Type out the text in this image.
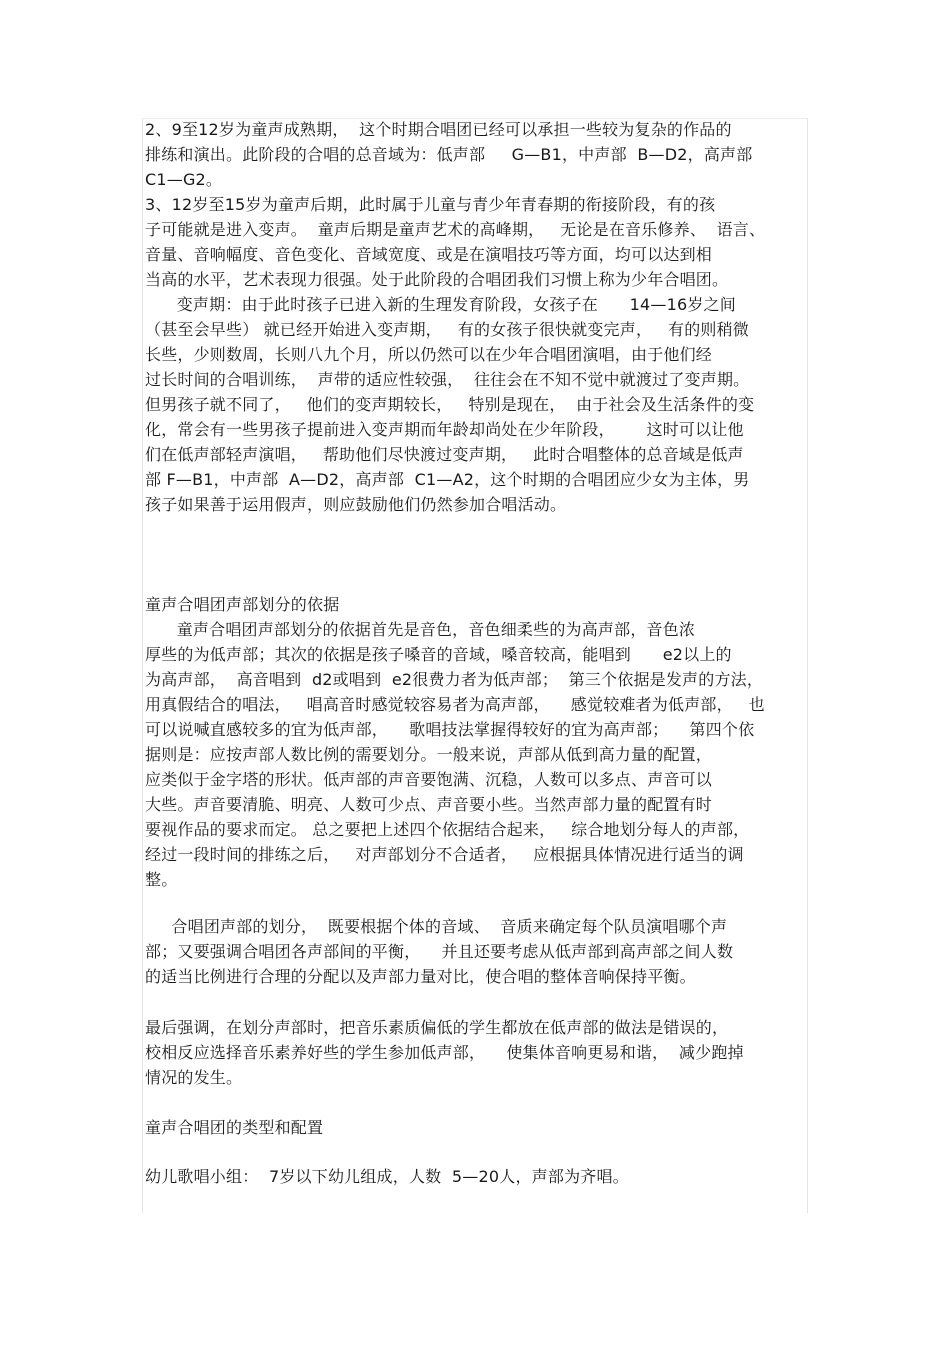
2、9至12岁为童声成熟期，  这个时期合唱团已经可以承担一些较为复杂的作品的
排练和演出。此阶段的合唱的总音域为：低声部     G—B1，中声部  B—D2，高声部
C1—G2。
3、12岁至15岁为童声后期，此时属于儿童与青少年青春期的衔接阶段，有的孩
子可能就是进入变声。  童声后期是童声艺术的高峰期，   无论是在音乐修养、  语言、
音量、音响幅度、音色变化、音域宽度、或是在演唱技巧等方面，均可以达到相
当高的水平，艺术表现力很强。处于此阶段的合唱团我们习惯上称为少年合唱团。
变声期：由于此时孩子已进入新的生理发育阶段，女孩子在      14—16岁之间
（甚至会早些） 就已经开始进入变声期，   有的女孩子很快就变完声，   有的则稍微
长些，少则数周，长则八九个月，所以仍然可以在少年合唱团演唱，由于他们经
过长时间的合唱训练，  声带的适应性较强，  往往会在不知不觉中就渡过了变声期。
但男孩子就不同了，   他们的变声期较长，   特别是现在，  由于社会及生活条件的变
化，常会有一些男孩子提前进入变声期而年龄却尚处在少年阶段，      这时可以让他
们在低声部轻声演唱，   帮助他们尽快渡过变声期，   此时合唱整体的总音域是低声
部 F—B1，中声部  A—D2，高声部  C1—A2，这个时期的合唱团应少女为主体，男
孩子如果善于运用假声，则应鼓励他们仍然参加合唱活动。
童声合唱团声部划分的依据
童声合唱团声部划分的依据首先是音色，音色细柔些的为高声部，音色浓
厚些的为低声部；其次的依据是孩子嗓音的音域，嗓音较高，能唱到      e2以上的
为高声部，  高音唱到  d2或唱到  e2很费力者为低声部；  第三个依据是发声的方法，
用真假结合的唱法，   唱高音时感觉较容易者为高声部，    感觉较难者为低声部，   也
可以说喊直感较多的宜为低声部，    歌唱技法掌握得较好的宜为高声部；    第四个依
据则是：应按声部人数比例的需要划分。一般来说，声部从低到高力量的配置，
应类似于金字塔的形状。低声部的声音要饱满、沉稳，人数可以多点、声音可以
大些。声音要清脆、明亮、人数可少点、声音要小些。当然声部力量的配置有时
要视作品的要求而定。 总之要把上述四个依据结合起来，   综合地划分每人的声部，
经过一段时间的排练之后，   对声部划分不合适者，   应根据具体情况进行适当的调
整。
合唱团声部的划分，  既要根据个体的音域、  音质来确定每个队员演唱哪个声
部；又要强调合唱团各声部间的平衡，    并且还要考虑从低声部到高声部之间人数
的适当比例进行合理的分配以及声部力量对比，使合唱的整体音响保持平衡。
最后强调，在划分声部时，把音乐素质偏低的学生都放在低声部的做法是错误的，
校相反应选择音乐素养好些的学生参加低声部，    使集体音响更易和谐，  减少跑掉
情况的发生。
童声合唱团的类型和配置
幼儿歌唱小组：  7岁以下幼儿组成，人数  5—20人，声部为齐唱。
